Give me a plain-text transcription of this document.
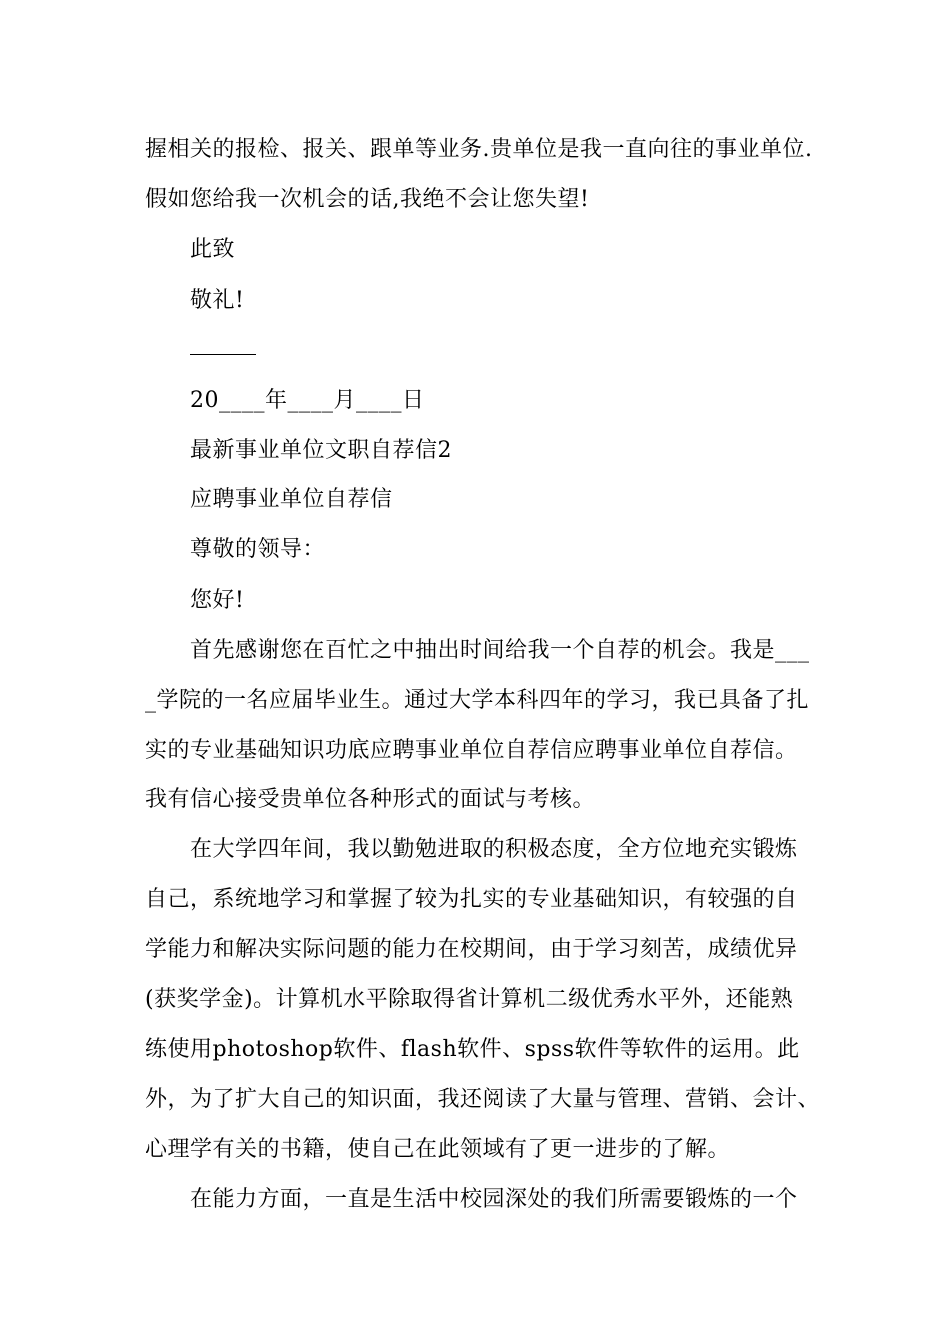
握相关的报检、报关、跟单等业务.贵单位是我一直向往的事业单位.
假如您给我一次机会的话,我绝不会让您失望!
此致
敬礼!
20____年____月____日
最新事业单位文职自荐信2
应聘事业单位自荐信
尊敬的领导：
您好!
首先感谢您在百忙之中抽出时间给我一个自荐的机会。我是___
_学院的一名应届毕业生。通过大学本科四年的学习，我已具备了扎
实的专业基础知识功底应聘事业单位自荐信应聘事业单位自荐信。
我有信心接受贵单位各种形式的面试与考核。
在大学四年间，我以勤勉进取的积极态度，全方位地充实锻炼
自己，系统地学习和掌握了较为扎实的专业基础知识，有较强的自
学能力和解决实际问题的能力在校期间，由于学习刻苦，成绩优异
(获奖学金)。计算机水平除取得省计算机二级优秀水平外，还能熟
练使用photoshop软件、flash软件、spss软件等软件的运用。此
外，为了扩大自己的知识面，我还阅读了大量与管理、营销、会计、
心理学有关的书籍，使自己在此领域有了更一进步的了解。
在能力方面，一直是生活中校园深处的我们所需要锻炼的一个
